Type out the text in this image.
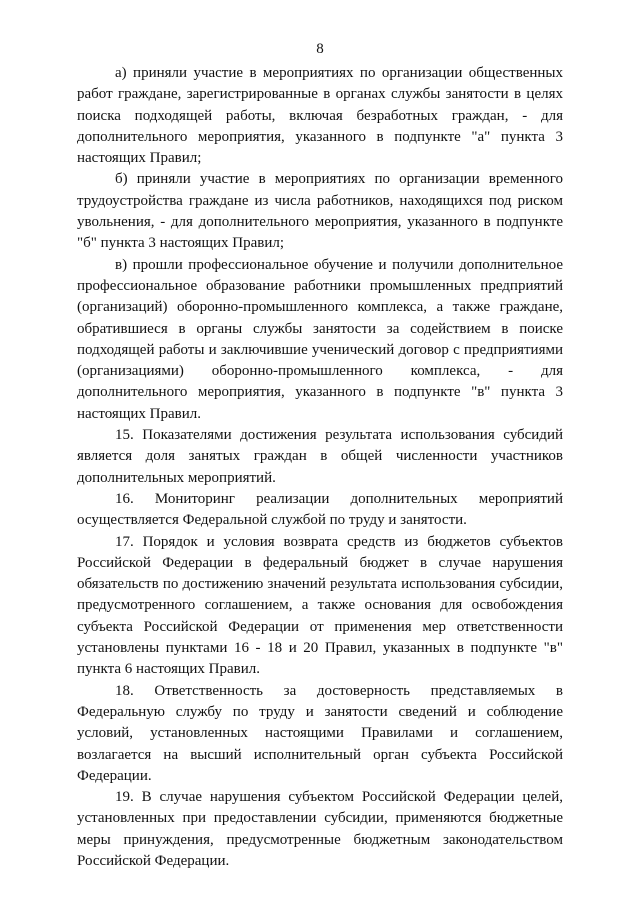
8

а) приняли участие в мероприятиях по организации общественных работ граждане, зарегистрированные в органах службы занятости в целях поиска подходящей работы, включая безработных граждан, - для дополнительного мероприятия, указанного в подпункте "а" пункта 3 настоящих Правил;

б) приняли участие в мероприятиях по организации временного трудоустройства граждане из числа работников, находящихся под риском увольнения, - для дополнительного мероприятия, указанного в подпункте "б" пункта 3 настоящих Правил;

в) прошли профессиональное обучение и получили дополнительное профессиональное образование работники промышленных предприятий (организаций) оборонно-промышленного комплекса, а также граждане, обратившиеся в органы службы занятости за содействием в поиске подходящей работы и заключившие ученический договор с предприятиями (организациями) оборонно-промышленного комплекса, - для дополнительного мероприятия, указанного в подпункте "в" пункта 3 настоящих Правил.

15. Показателями достижения результата использования субсидий является доля занятых граждан в общей численности участников дополнительных мероприятий.

16. Мониторинг реализации дополнительных мероприятий осуществляется Федеральной службой по труду и занятости.

17. Порядок и условия возврата средств из бюджетов субъектов Российской Федерации в федеральный бюджет в случае нарушения обязательств по достижению значений результата использования субсидии, предусмотренного соглашением, а также основания для освобождения субъекта Российской Федерации от применения мер ответственности установлены пунктами 16 - 18 и 20 Правил, указанных в подпункте "в" пункта 6 настоящих Правил.

18. Ответственность за достоверность представляемых в Федеральную службу по труду и занятости сведений и соблюдение условий, установленных настоящими Правилами и соглашением, возлагается на высший исполнительный орган субъекта Российской Федерации.

19. В случае нарушения субъектом Российской Федерации целей, установленных при предоставлении субсидии, применяются бюджетные меры принуждения, предусмотренные бюджетным законодательством Российской Федерации.
